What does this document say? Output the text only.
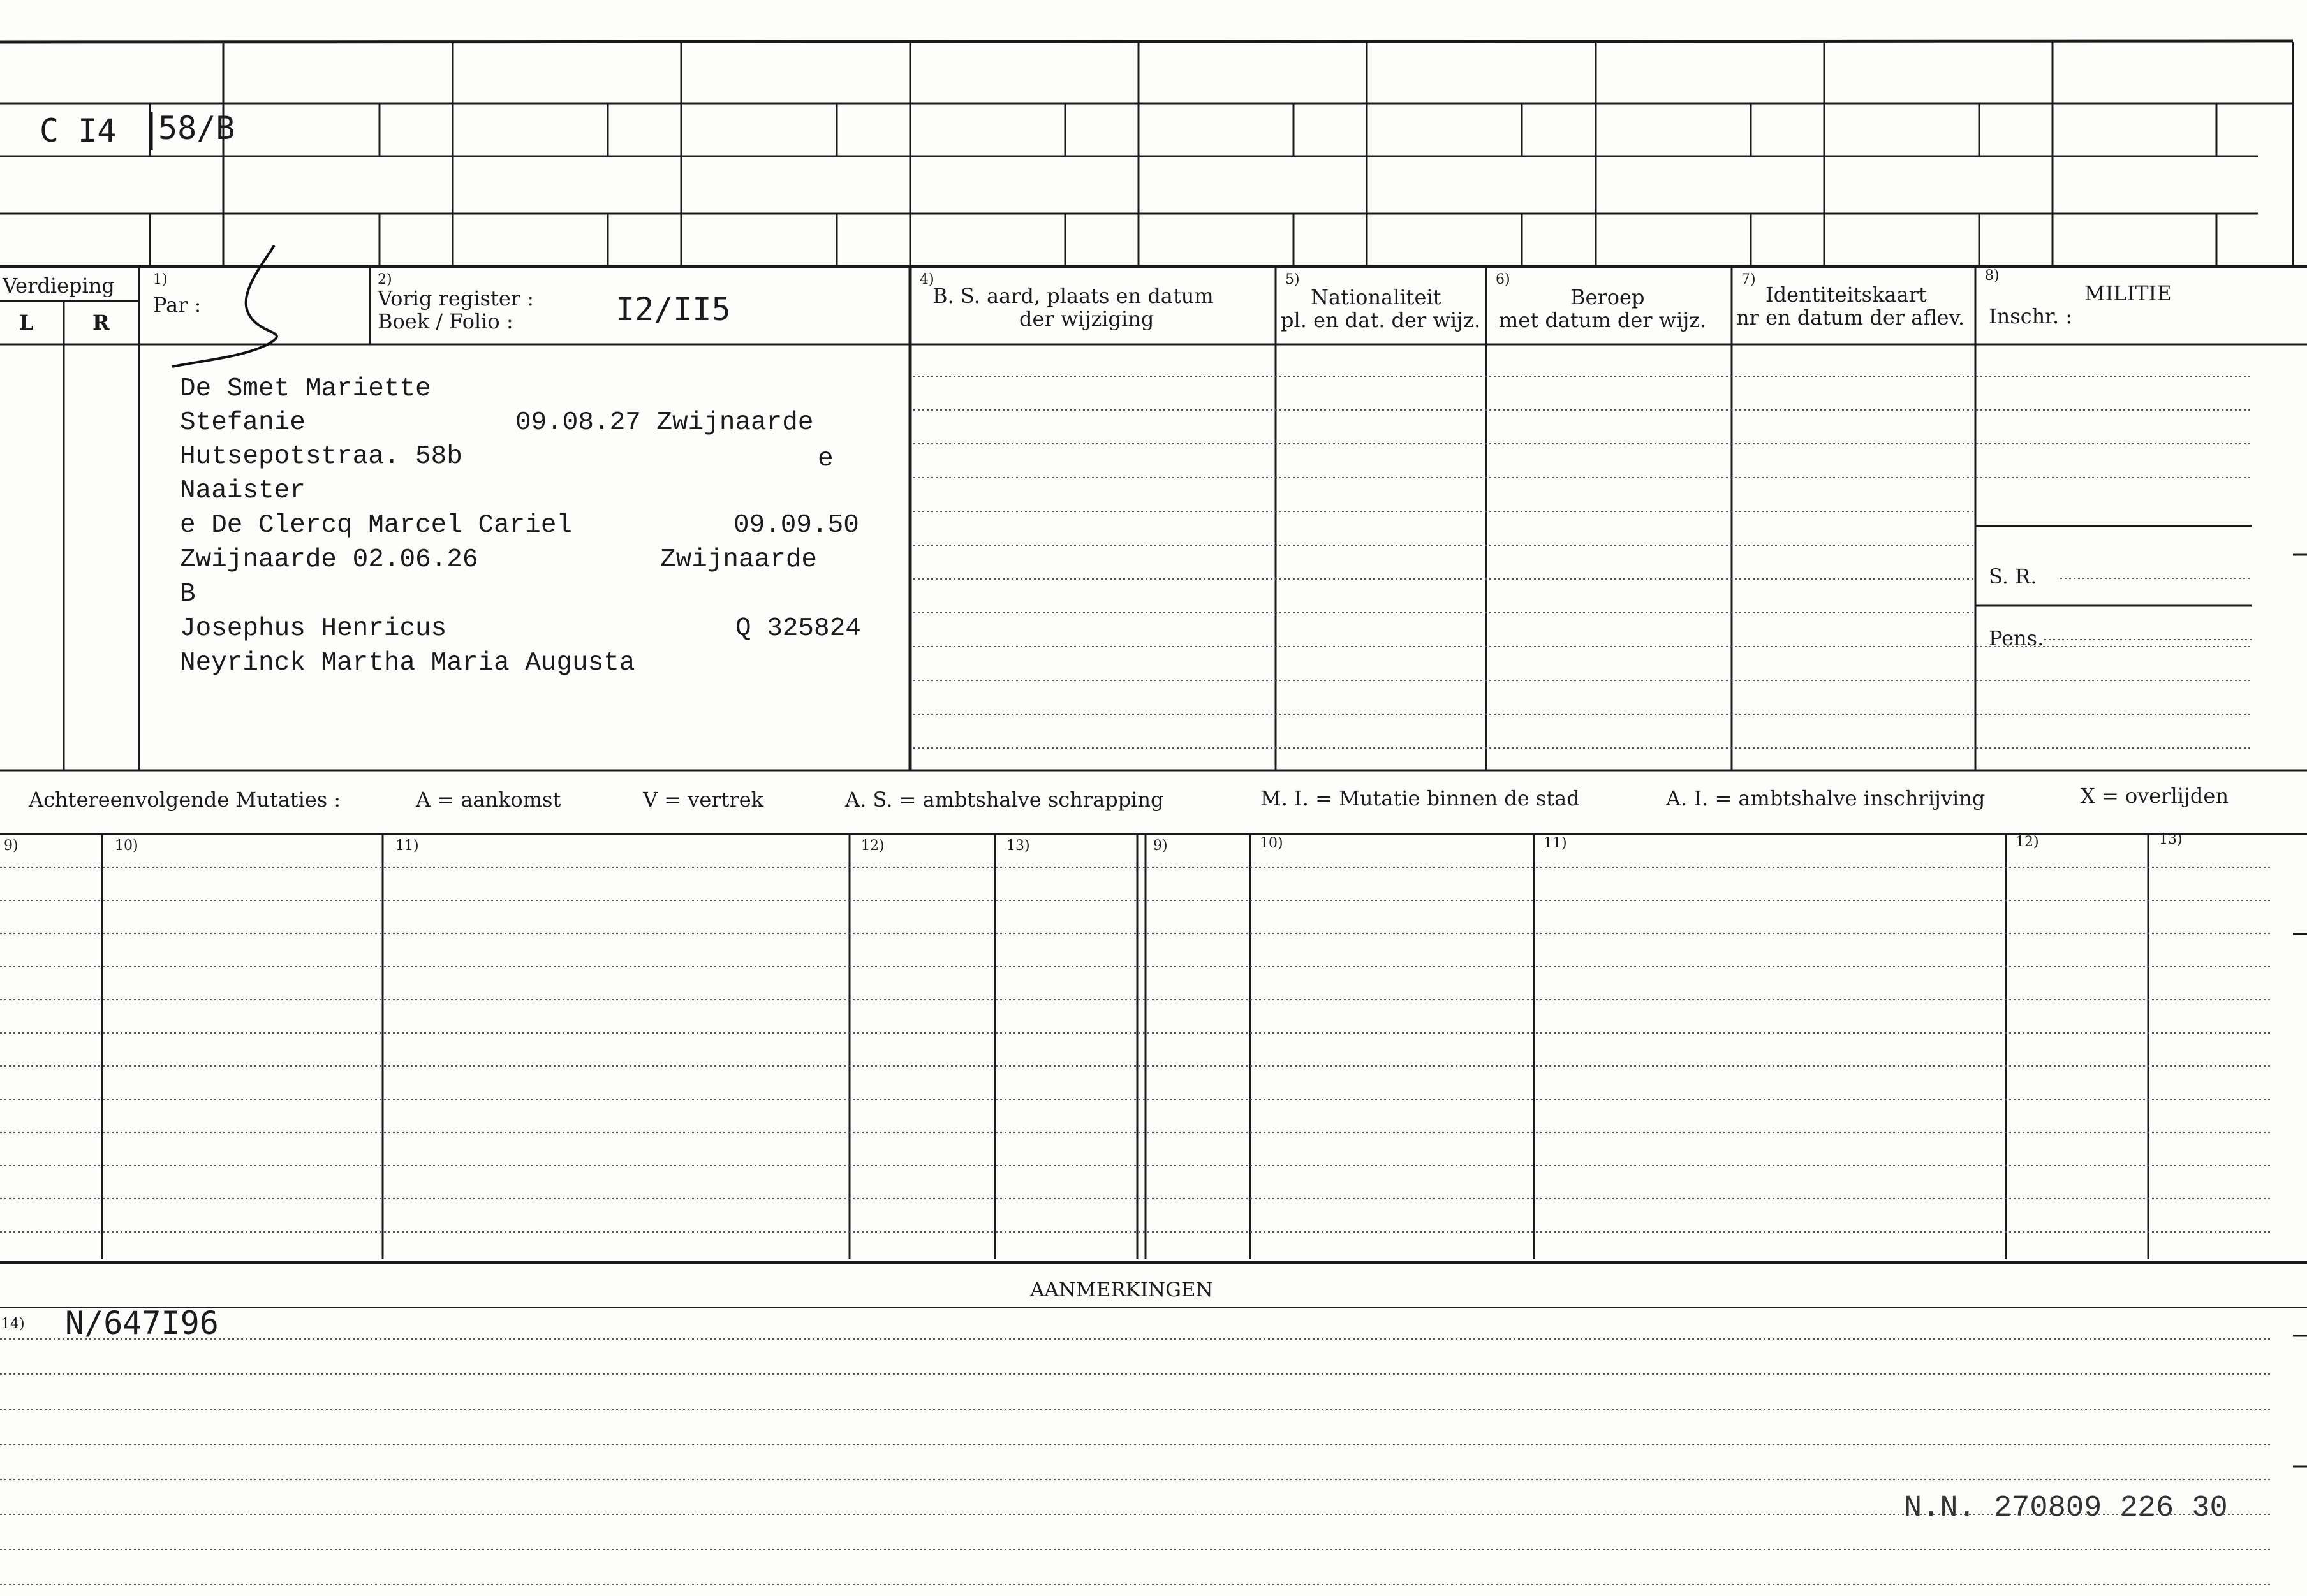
C I4 58/B
Verdieping
L	R
1)
Par :
2)
Vorig register :
Boek / Folio :	I2/II5
4)
B. S. aard, plaats en datum
der wijziging
5)
Nationaliteit
pl. en dat. der wijz.
6)
Beroep
met datum der wijz.
7)
Identiteitskaart
nr en datum der aflev.
8)
MILITIE
Inschr. :
S. R.
Pens.
De Smet Mariette
Stefanie	09.08.27 Zwijnaarde
Hutsepotstraa. 58b	e
Naaister
e De Clercq Marcel Cariel	09.09.50
Zwijnaarde 02.06.26	Zwijnaarde
B
Josephus Henricus	Q 325824
Neyrinck Martha Maria Augusta
Achtereenvolgende Mutaties :	A = aankomst	V = vertrek	A. S. = ambtshalve schrapping	M. I. = Mutatie binnen de stad	A. I. = ambtshalve inschrijving	X = overlijden
9)	10)	11)	12)	13)	9)	10)	11)	12)	13)
AANMERKINGEN
14) N/647I96
N.N. 270809 226 30
